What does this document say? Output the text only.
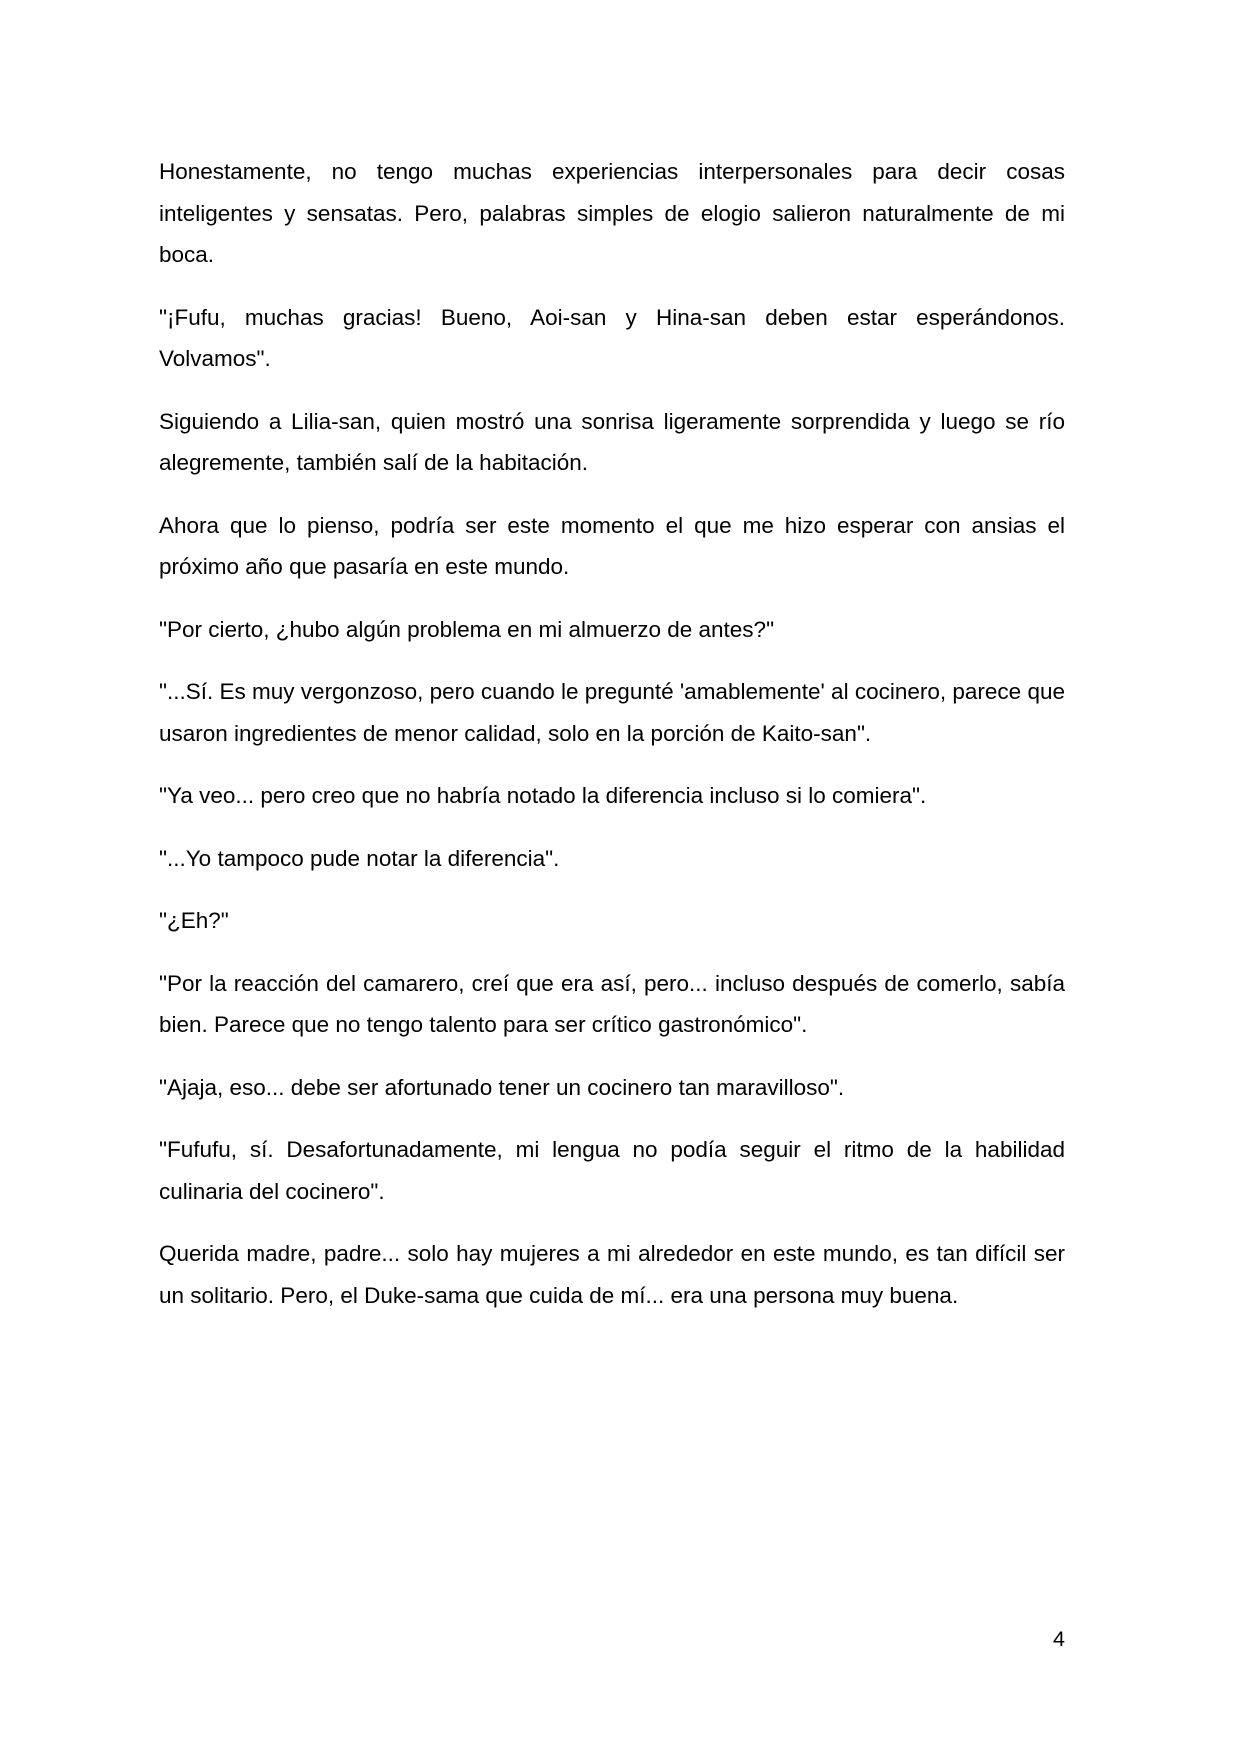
Honestamente, no tengo muchas experiencias interpersonales para decir cosas inteligentes y sensatas. Pero, palabras simples de elogio salieron naturalmente de mi boca.

"¡Fufu, muchas gracias! Bueno, Aoi-san y Hina-san deben estar esperándonos. Volvamos".

Siguiendo a Lilia-san, quien mostró una sonrisa ligeramente sorprendida y luego se río alegremente, también salí de la habitación.

Ahora que lo pienso, podría ser este momento el que me hizo esperar con ansias el próximo año que pasaría en este mundo.

"Por cierto, ¿hubo algún problema en mi almuerzo de antes?"

"...Sí. Es muy vergonzoso, pero cuando le pregunté 'amablemente' al cocinero, parece que usaron ingredientes de menor calidad, solo en la porción de Kaito-san".

"Ya veo... pero creo que no habría notado la diferencia incluso si lo comiera".

"...Yo tampoco pude notar la diferencia".

"¿Eh?"

"Por la reacción del camarero, creí que era así, pero... incluso después de comerlo, sabía bien. Parece que no tengo talento para ser crítico gastronómico".

"Ajaja, eso... debe ser afortunado tener un cocinero tan maravilloso".

"Fufufu, sí. Desafortunadamente, mi lengua no podía seguir el ritmo de la habilidad culinaria del cocinero".

Querida madre, padre... solo hay mujeres a mi alrededor en este mundo, es tan difícil ser un solitario. Pero, el Duke-sama que cuida de mí... era una persona muy buena.

4
